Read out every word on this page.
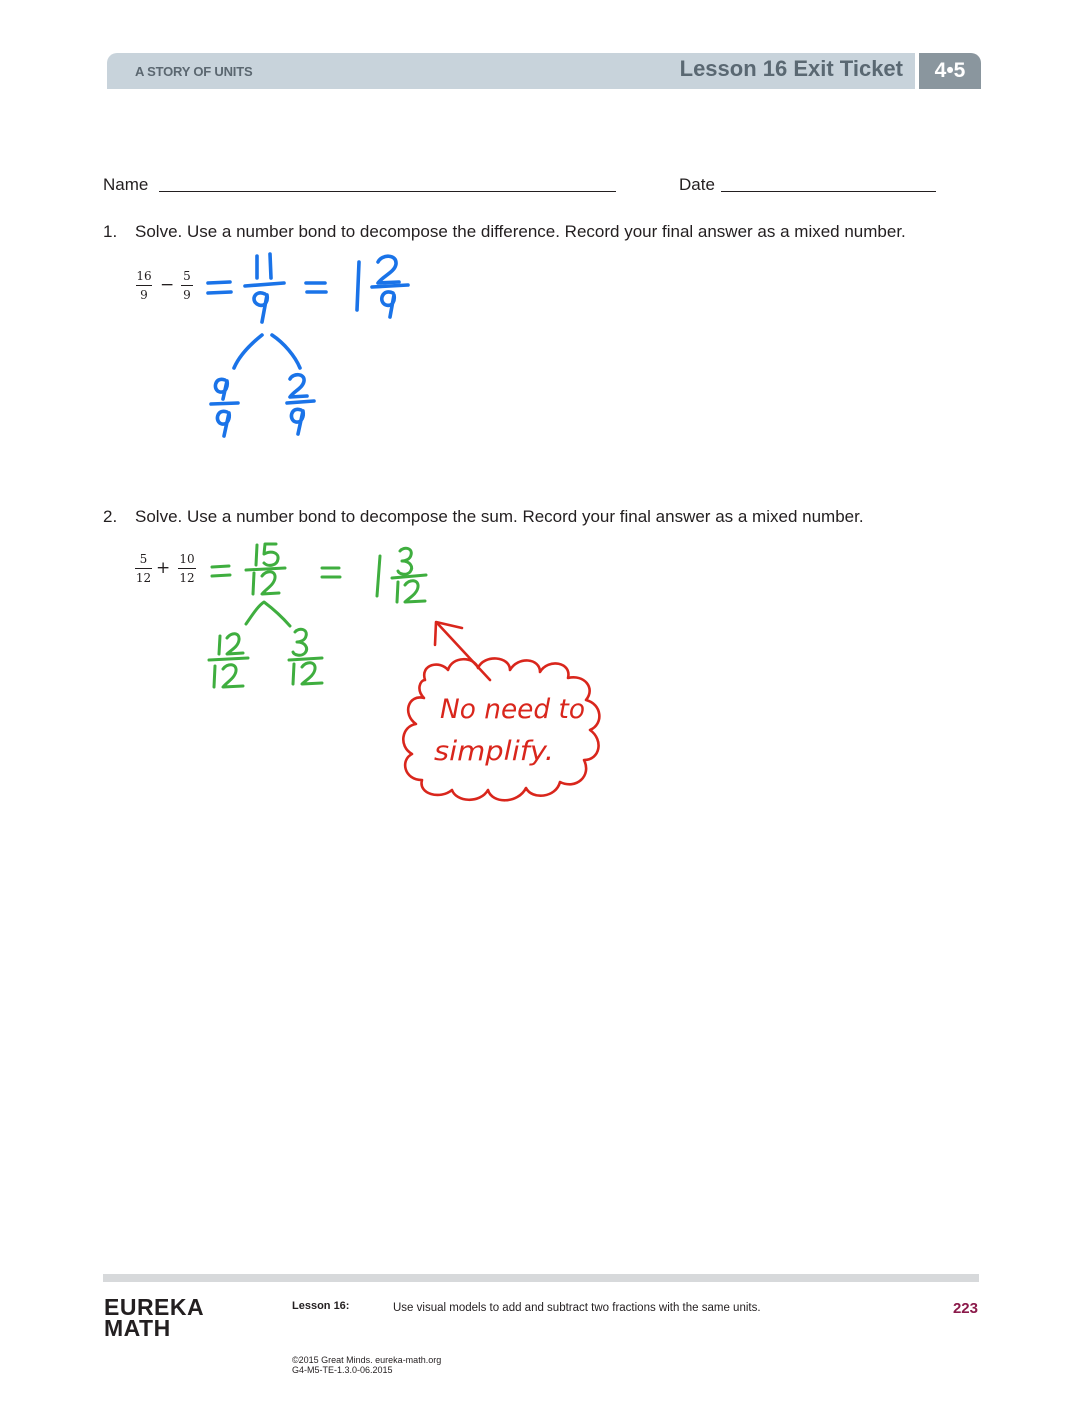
A STORY OF UNITS	Lesson 16 Exit Ticket	4•5
Name	Date
1. Solve. Use a number bond to decompose the difference. Record your final answer as a mixed number.
16
9 − 5
9
2. Solve. Use a number bond to decompose the sum. Record your final answer as a mixed number.
5
12 + 10
12
No need to
simplify.
EUREKA
MATH
Lesson 16:	Use visual models to add and subtract two fractions with the same units.	223
©2015 Great Minds. eureka-math.org
G4-M5-TE-1.3.0-06.2015
